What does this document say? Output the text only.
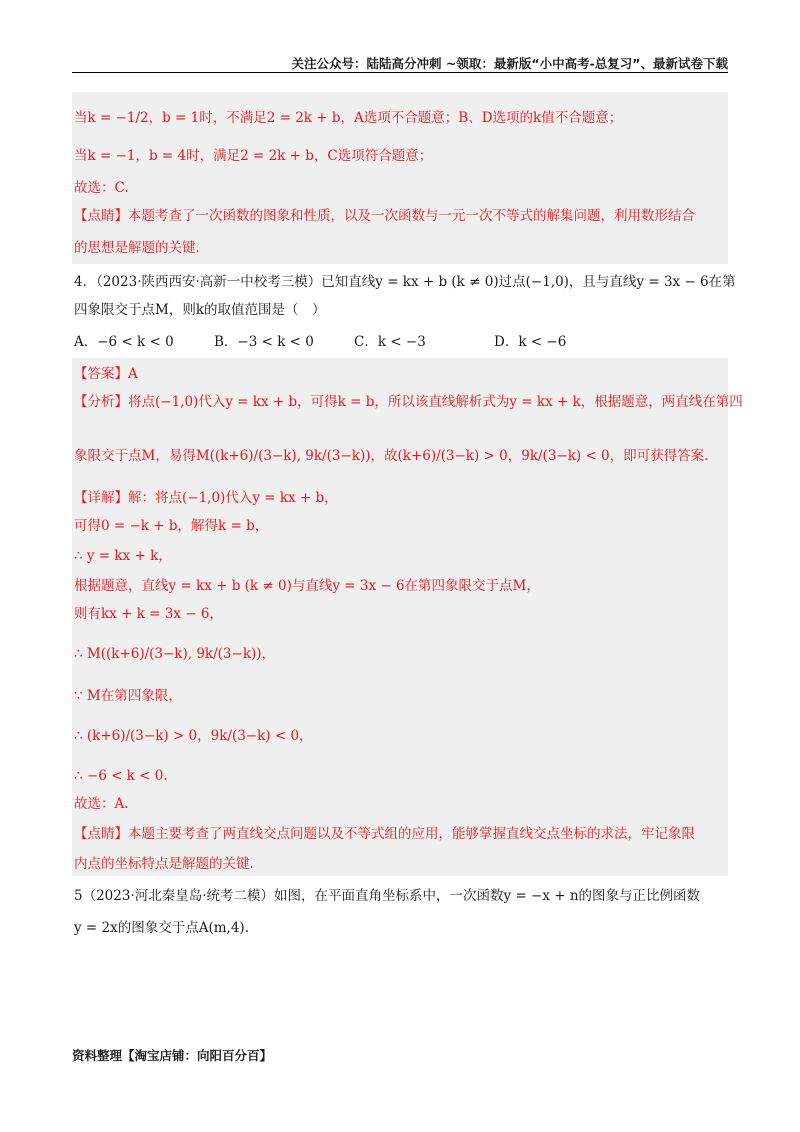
关注公众号：陆陆高分冲刺 ~领取：最新版“小中高考-总复习”、最新试卷下载
当k = −1/2，b = 1时，不满足2 = 2k + b，A选项不合题意；B、D选项的k值不合题意；
当k = −1，b = 4时，满足2 = 2k + b，C选项符合题意；
故选：C.
【点睛】本题考查了一次函数的图象和性质，以及一次函数与一元一次不等式的解集问题，利用数形结合
的思想是解题的关键.
4．（2023·陕西西安·高新一中校考三模）已知直线y = kx + b (k ≠ 0)过点(−1,0)，且与直线y = 3x − 6在第
四象限交于点M，则k的取值范围是（　）
A．−6 < k < 0	B．−3 < k < 0	C．k < −3	D．k < −6
【答案】A
【分析】将点(−1,0)代入y = kx + b，可得k = b，所以该直线解析式为y = kx + k，根据题意，两直线在第四
象限交于点M，易得M((k+6)/(3−k), 9k/(3−k))，故(k+6)/(3−k) > 0，9k/(3−k) < 0，即可获得答案.
【详解】解：将点(−1,0)代入y = kx + b，
可得0 = −k + b，解得k = b，
∴ y = kx + k，
根据题意，直线y = kx + b (k ≠ 0)与直线y = 3x − 6在第四象限交于点M，
则有kx + k = 3x − 6，
∴ M((k+6)/(3−k), 9k/(3−k))，
∵ M在第四象限，
∴ (k+6)/(3−k) > 0，9k/(3−k) < 0，
∴ −6 < k < 0.
故选：A.
【点睛】本题主要考查了两直线交点问题以及不等式组的应用，能够掌握直线交点坐标的求法，牢记象限
内点的坐标特点是解题的关键.
5（2023·河北秦皇岛·统考二模）如图，在平面直角坐标系中，一次函数y = −x + n的图象与正比例函数
y = 2x的图象交于点A(m,4).
资料整理【淘宝店铺：向阳百分百】
